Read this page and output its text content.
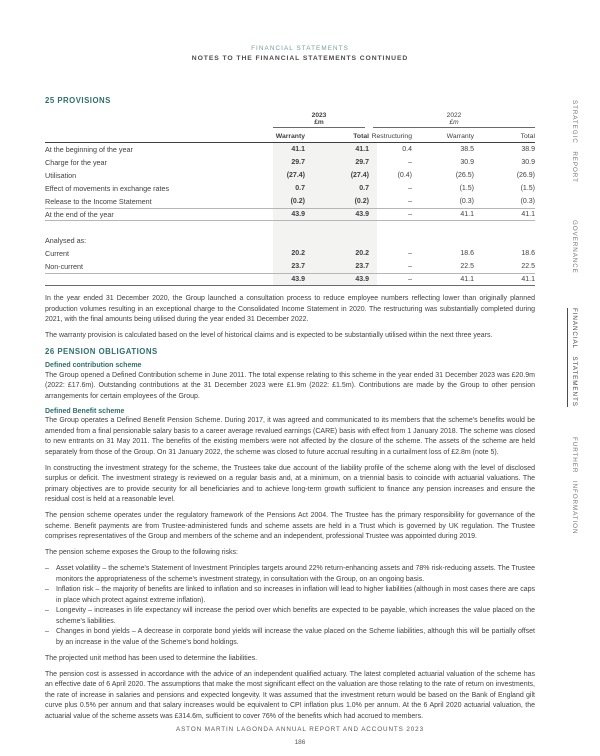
FINANCIAL STATEMENTS
NOTES TO THE FINANCIAL STATEMENTS CONTINUED
STRATEGIC REPORT
GOVERNANCE
FINANCIAL STATEMENTS
FURTHER INFORMATION
25 PROVISIONS
2023
£m
2022
£m
Warranty	Total Restructuring	Warranty	Total
At the beginning of the year	41.1	41.1	0.4	38.5	38.9
Charge for the year	29.7	29.7	–	30.9	30.9
Utilisation	(27.4)	(27.4)	(0.4)	(26.5)	(26.9)
Effect of movements in exchange rates	0.7	0.7	–	(1.5)	(1.5)
Release to the Income Statement	(0.2)	(0.2)	–	(0.3)	(0.3)
At the end of the year	43.9	43.9	–	41.1	41.1
Analysed as:
Current	20.2	20.2	–	18.6	18.6
Non-current	23.7	23.7	–	22.5	22.5
43.9	43.9	–	41.1	41.1
In the year ended 31 December 2020, the Group launched a consultation process to reduce employee numbers reflecting lower than originally planned production volumes resulting in an exceptional charge to the Consolidated Income Statement in 2020. The restructuring was substantially completed during 2021, with the final amounts being utilised during the year ended 31 December 2022.
The warranty provision is calculated based on the level of historical claims and is expected to be substantially utilised within the next three years.
26 PENSION OBLIGATIONS
Defined contribution scheme
The Group opened a Defined Contribution scheme in June 2011. The total expense relating to this scheme in the year ended 31 December 2023 was £20.9m (2022: £17.6m). Outstanding contributions at the 31 December 2023 were £1.9m (2022: £1.5m). Contributions are made by the Group to other pension arrangements for certain employees of the Group.
Defined Benefit scheme
The Group operates a Defined Benefit Pension Scheme. During 2017, it was agreed and communicated to its members that the scheme's benefits would be amended from a final pensionable salary basis to a career average revalued earnings (CARE) basis with effect from 1 January 2018. The scheme was closed to new entrants on 31 May 2011. The benefits of the existing members were not affected by the closure of the scheme. The assets of the scheme are held separately from those of the Group. On 31 January 2022, the scheme was closed to future accrual resulting in a curtailment loss of £2.8m (note 5).
In constructing the investment strategy for the scheme, the Trustees take due account of the liability profile of the scheme along with the level of disclosed surplus or deficit. The investment strategy is reviewed on a regular basis and, at a minimum, on a triennial basis to coincide with actuarial valuations. The primary objectives are to provide security for all beneficiaries and to achieve long-term growth sufficient to finance any pension increases and ensure the residual cost is held at a reasonable level.
The pension scheme operates under the regulatory framework of the Pensions Act 2004. The Trustee has the primary responsibility for governance of the scheme. Benefit payments are from Trustee-administered funds and scheme assets are held in a Trust which is governed by UK regulation. The Trustee comprises representatives of the Group and members of the scheme and an independent, professional Trustee was appointed during 2019.
The pension scheme exposes the Group to the following risks:
– Asset volatility – the scheme's Statement of Investment Principles targets around 22% return-enhancing assets and 78% risk-reducing assets. The Trustee monitors the appropriateness of the scheme's investment strategy, in consultation with the Group, on an ongoing basis.
– Inflation risk – the majority of benefits are linked to inflation and so increases in inflation will lead to higher liabilities (although in most cases there are caps in place which protect against extreme inflation).
– Longevity – increases in life expectancy will increase the period over which benefits are expected to be payable, which increases the value placed on the scheme's liabilities.
– Changes in bond yields – A decrease in corporate bond yields will increase the value placed on the Scheme liabilities, although this will be partially offset by an increase in the value of the Scheme's bond holdings.
The projected unit method has been used to determine the liabilities.
The pension cost is assessed in accordance with the advice of an independent qualified actuary. The latest completed actuarial valuation of the scheme has an effective date of 6 April 2020. The assumptions that make the most significant effect on the valuation are those relating to the rate of return on investments, the rate of increase in salaries and pensions and expected longevity. It was assumed that the investment return would be based on the Bank of England gilt curve plus 0.5% per annum and that salary increases would be equivalent to CPI inflation plus 1.0% per annum. At the 6 April 2020 actuarial valuation, the actuarial value of the scheme assets was £314.6m, sufficient to cover 76% of the benefits which had accrued to members.
ASTON MARTIN LAGONDA ANNUAL REPORT AND ACCOUNTS 2023
186
